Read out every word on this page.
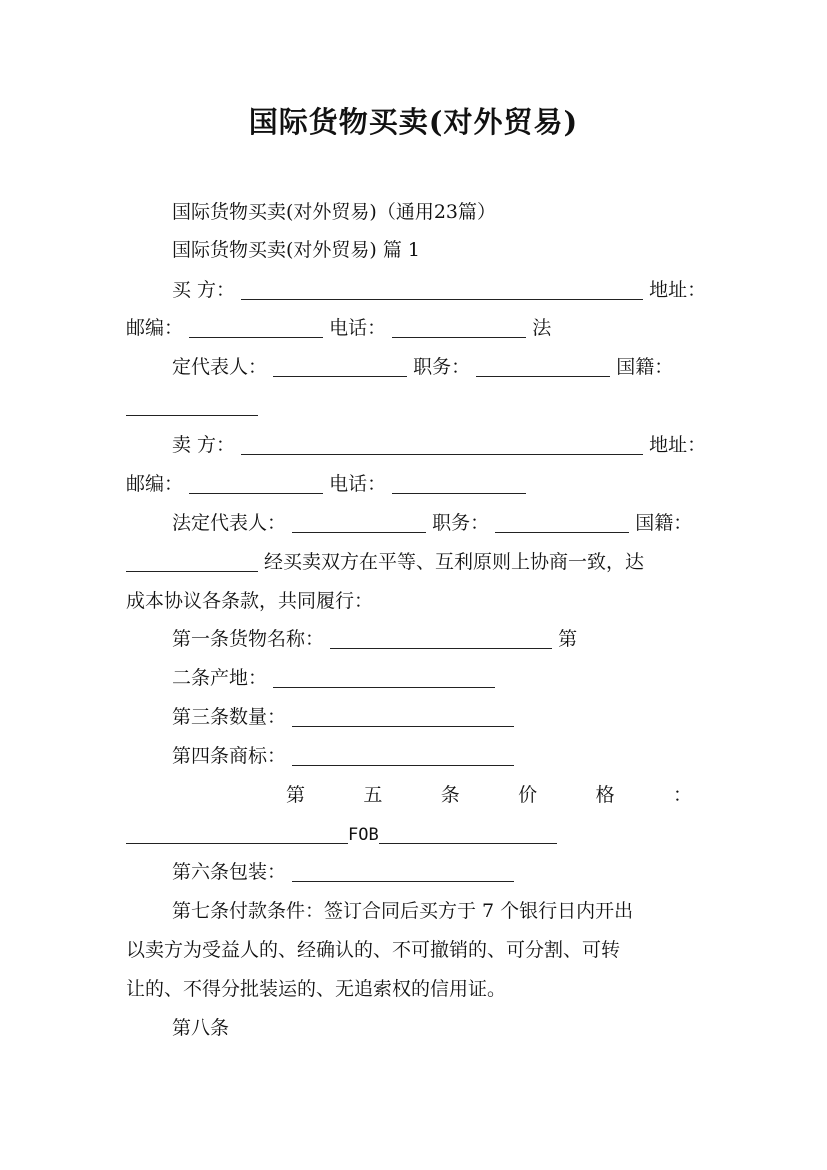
国际货物买卖(对外贸易)
国际货物买卖(对外贸易)（通用23篇）
国际货物买卖(对外贸易) 篇 1
买 方：	地址：
邮编：	电话：	法
定代表人：	职务：	国籍：
卖 方：	地址：
邮编：	电话：
法定代表人：	职务：	国籍：
经买卖双方在平等、互利原则上协商一致，达
成本协议各条款，共同履行：
第一条货物名称：	第
二条产地：
第三条数量：
第四条商标：
第	五	条	价	格	：
FOB
第六条包装：
第七条付款条件：签订合同后买方于 7 个银行日内开出
以卖方为受益人的、经确认的、不可撤销的、可分割、可转
让的、不得分批装运的、无追索权的信用证。
第八条
